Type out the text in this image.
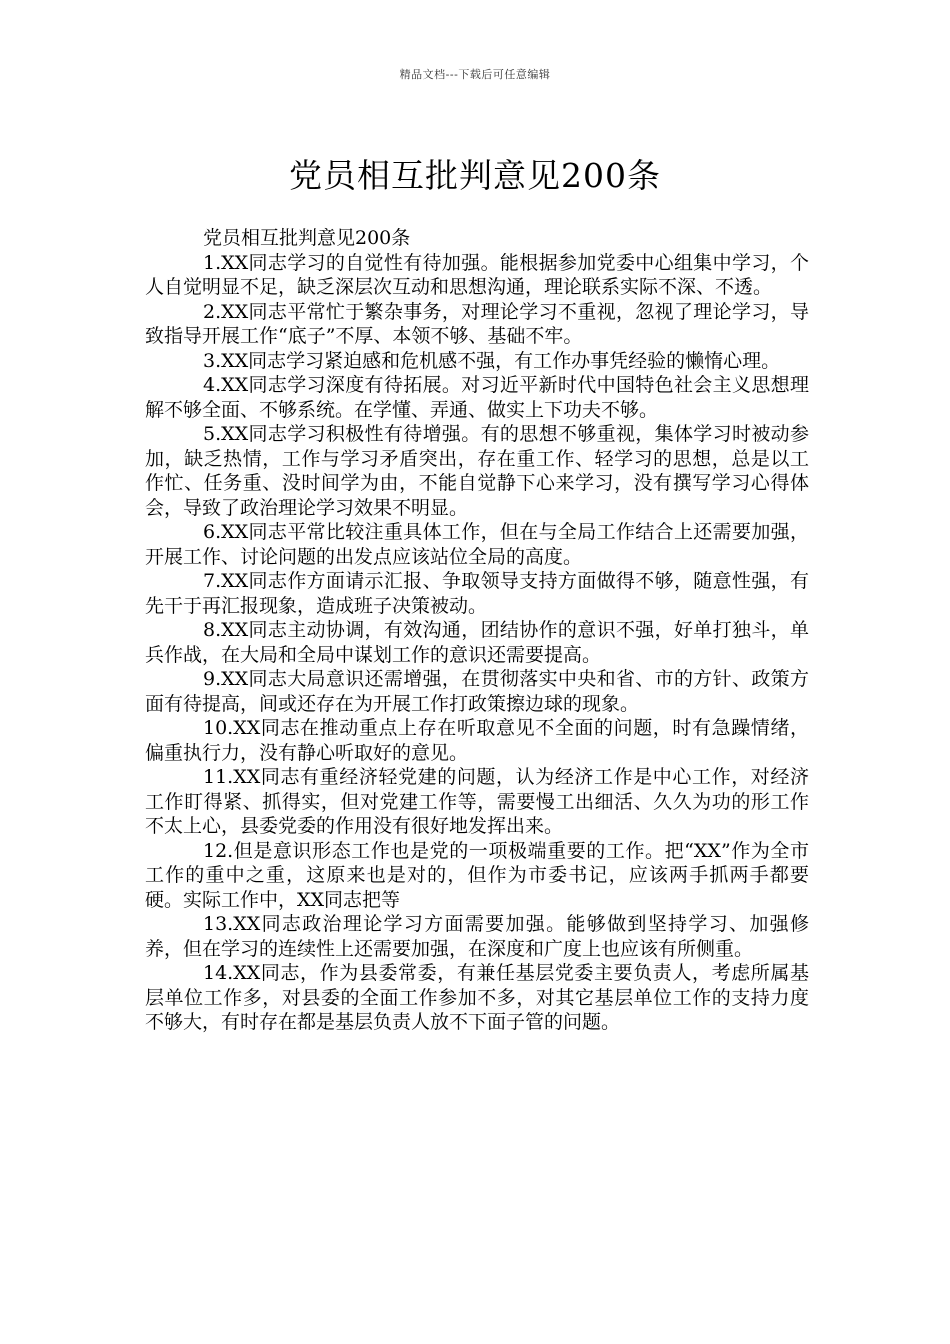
精品文档---下载后可任意编辑
党员相互批判意见200条

党员相互批判意见200条

1.XX同志学习的自觉性有待加强。能根据参加党委中心组集中学习，个人自觉明显不足，缺乏深层次互动和思想沟通，理论联系实际不深、不透。

2.XX同志平常忙于繁杂事务，对理论学习不重视，忽视了理论学习，导致指导开展工作“底子”不厚、本领不够、基础不牢。

3.XX同志学习紧迫感和危机感不强，有工作办事凭经验的懒惰心理。

4.XX同志学习深度有待拓展。对习近平新时代中国特色社会主义思想理解不够全面、不够系统。在学懂、弄通、做实上下功夫不够。

5.XX同志学习积极性有待增强。有的思想不够重视，集体学习时被动参加，缺乏热情，工作与学习矛盾突出，存在重工作、轻学习的思想，总是以工作忙、任务重、没时间学为由，不能自觉静下心来学习，没有撰写学习心得体会，导致了政治理论学习效果不明显。

6.XX同志平常比较注重具体工作，但在与全局工作结合上还需要加强，开展工作、讨论问题的出发点应该站位全局的高度。

7.XX同志作方面请示汇报、争取领导支持方面做得不够，随意性强，有先干于再汇报现象，造成班子决策被动。

8.XX同志主动协调，有效沟通，团结协作的意识不强，好单打独斗，单兵作战，在大局和全局中谋划工作的意识还需要提高。

9.XX同志大局意识还需增强，在贯彻落实中央和省、市的方针、政策方面有待提高，间或还存在为开展工作打政策擦边球的现象。

10.XX同志在推动重点上存在听取意见不全面的问题，时有急躁情绪，偏重执行力，没有静心听取好的意见。

11.XX同志有重经济轻党建的问题，认为经济工作是中心工作，对经济工作盯得紧、抓得实，但对党建工作等，需要慢工出细活、久久为功的形工作不太上心，县委党委的作用没有很好地发挥出来。

12.但是意识形态工作也是党的一项极端重要的工作。把“XX”作为全市工作的重中之重，这原来也是对的，但作为市委书记，应该两手抓两手都要硬。实际工作中，XX同志把等

13.XX同志政治理论学习方面需要加强。能够做到坚持学习、加强修养，但在学习的连续性上还需要加强，在深度和广度上也应该有所侧重。

14.XX同志，作为县委常委，有兼任基层党委主要负责人，考虑所属基层单位工作多，对县委的全面工作参加不多，对其它基层单位工作的支持力度不够大，有时存在都是基层负责人放不下面子管的问题。
